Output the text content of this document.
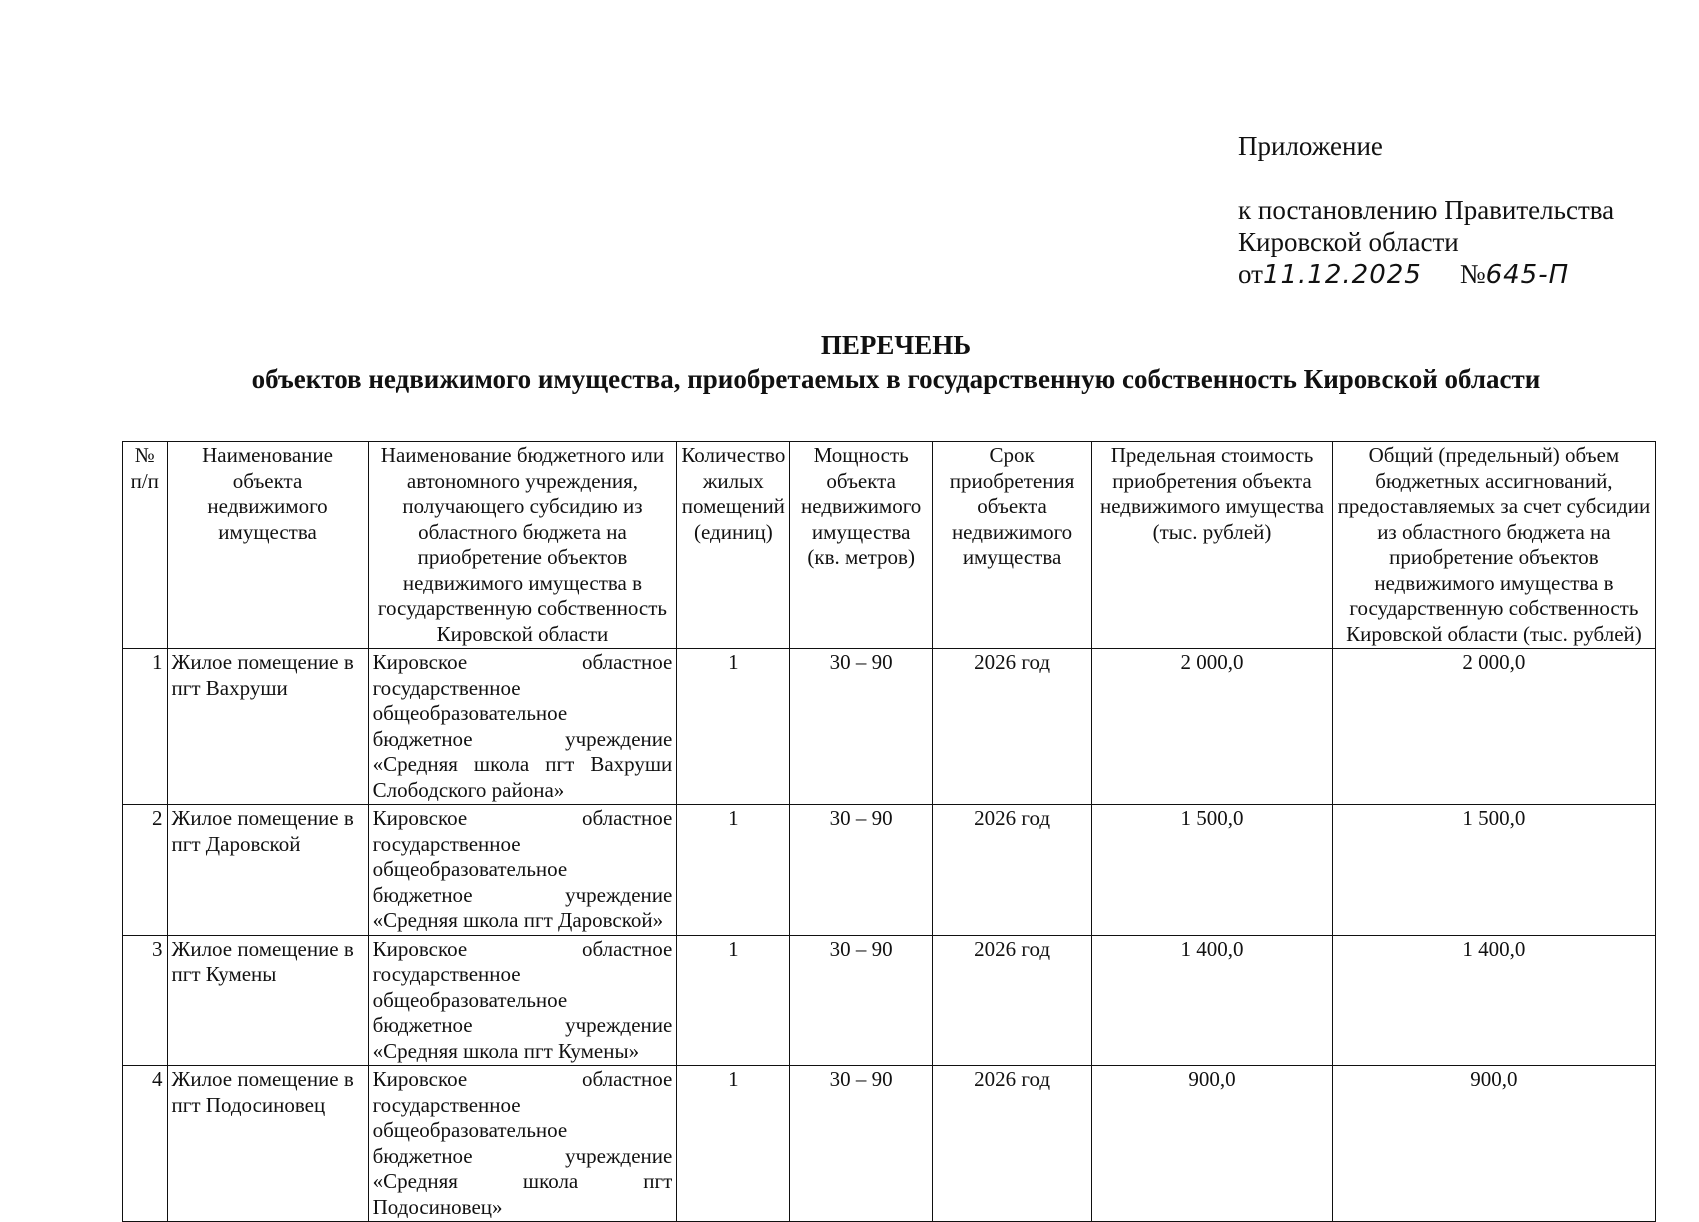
Приложение
к постановлению Правительства
Кировской области
от11.12.2025 №645-П
ПЕРЕЧЕНЬ
объектов недвижимого имущества, приобретаемых в государственную собственность Кировской области
№ п/п	Наименование объекта недвижимого имущества	Наименование бюджетного или автономного учреждения, получающего субсидию из областного бюджета на приобретение объектов недвижимого имущества в государственную собственность Кировской области	Количество жилых помещений (единиц)	Мощность объекта недвижимого имущества (кв. метров)	Срок приобретения объекта недвижимого имущества	Предельная стоимость приобретения объекта недвижимого имущества (тыс. рублей)	Общий (предельный) объем бюджетных ассигнований, предоставляемых за счет субсидии из областного бюджета на приобретение объектов недвижимого имущества в государственную собственность Кировской области (тыс. рублей)
1	Жилое помещение в пгт Вахруши	Кировское областное государственное общеобразовательное бюджетное учреждение «Средняя школа пгт Вахруши Слободского района»	1	30 – 90	2026 год	2 000,0	2 000,0
2	Жилое помещение в пгт Даровской	Кировское областное государственное общеобразовательное бюджетное учреждение «Средняя школа пгт Даровской»	1	30 – 90	2026 год	1 500,0	1 500,0
3	Жилое помещение в пгт Кумены	Кировское областное государственное общеобразовательное бюджетное учреждение «Средняя школа пгт Кумены»	1	30 – 90	2026 год	1 400,0	1 400,0
4	Жилое помещение в пгт Подосиновец	Кировское областное государственное общеобразовательное бюджетное учреждение «Средняя школа пгт Подосиновец»	1	30 – 90	2026 год	900,0	900,0
